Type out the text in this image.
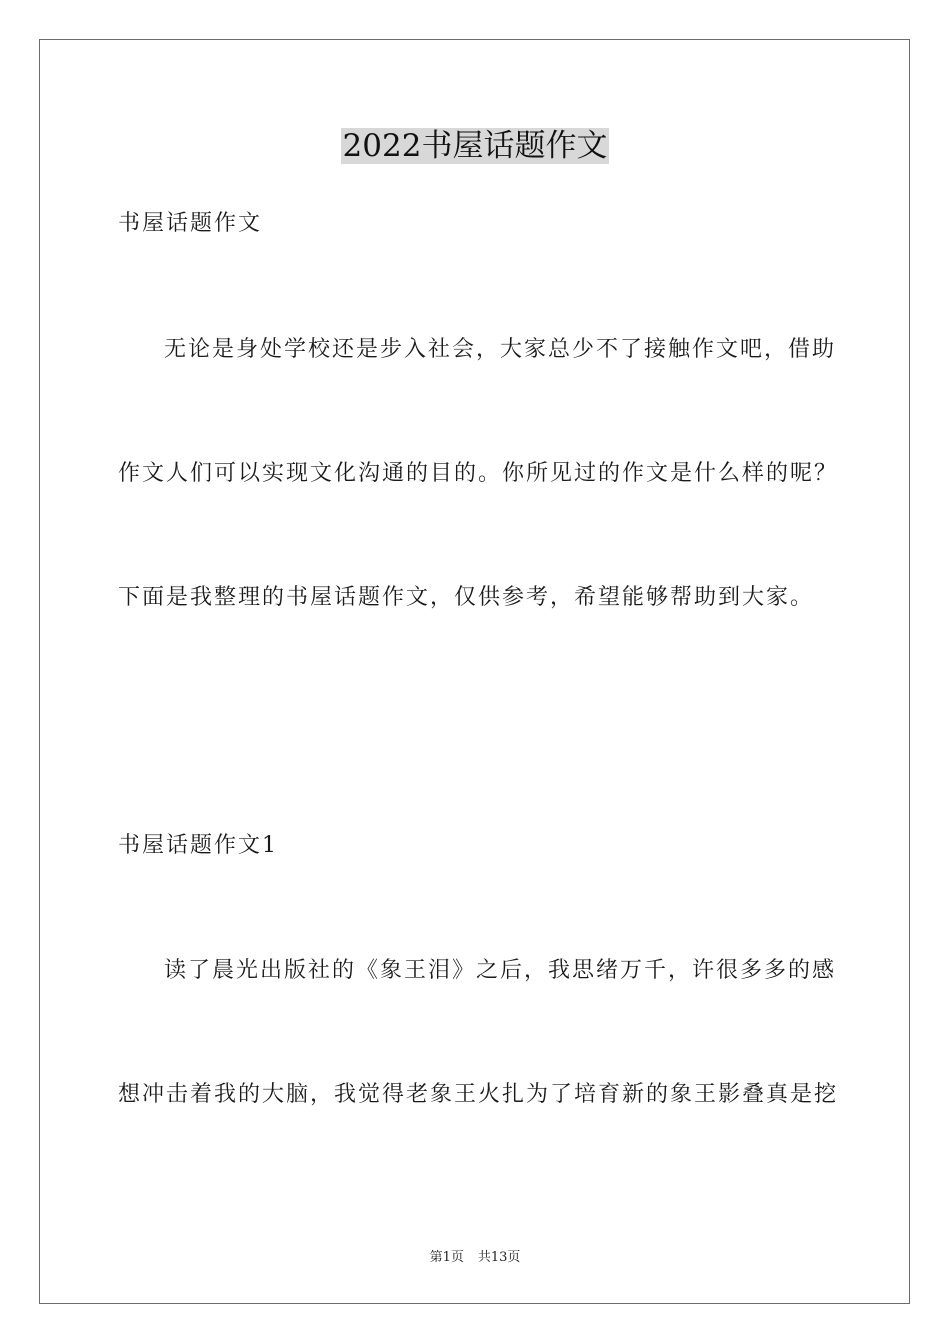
2022书屋话题作文
书屋话题作文
无论是身处学校还是步入社会，大家总少不了接触作文吧，借助
作文人们可以实现文化沟通的目的。你所见过的作文是什么样的呢？
下面是我整理的书屋话题作文，仅供参考，希望能够帮助到大家。
书屋话题作文1
读了晨光出版社的《象王泪》之后，我思绪万千，许很多多的感
想冲击着我的大脑，我觉得老象王火扎为了培育新的象王影叠真是挖
第1页 共13页
